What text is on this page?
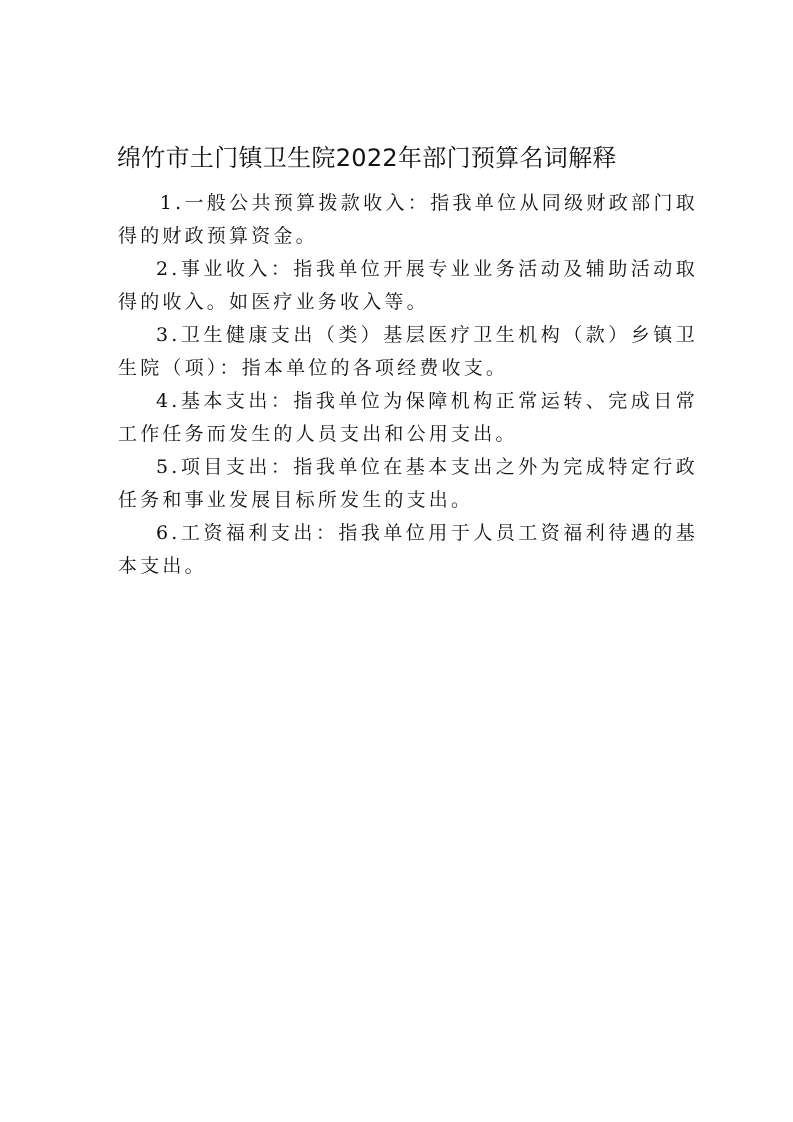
绵竹市土门镇卫生院2022年部门预算名词解释

1.一般公共预算拨款收入：指我单位从同级财政部门取得的财政预算资金。

2.事业收入：指我单位开展专业业务活动及辅助活动取得的收入。如医疗业务收入等。

3.卫生健康支出（类）基层医疗卫生机构（款）乡镇卫生院（项）：指本单位的各项经费收支。

4.基本支出：指我单位为保障机构正常运转、完成日常工作任务而发生的人员支出和公用支出。

5.项目支出：指我单位在基本支出之外为完成特定行政任务和事业发展目标所发生的支出。

6.工资福利支出：指我单位用于人员工资福利待遇的基本支出。
